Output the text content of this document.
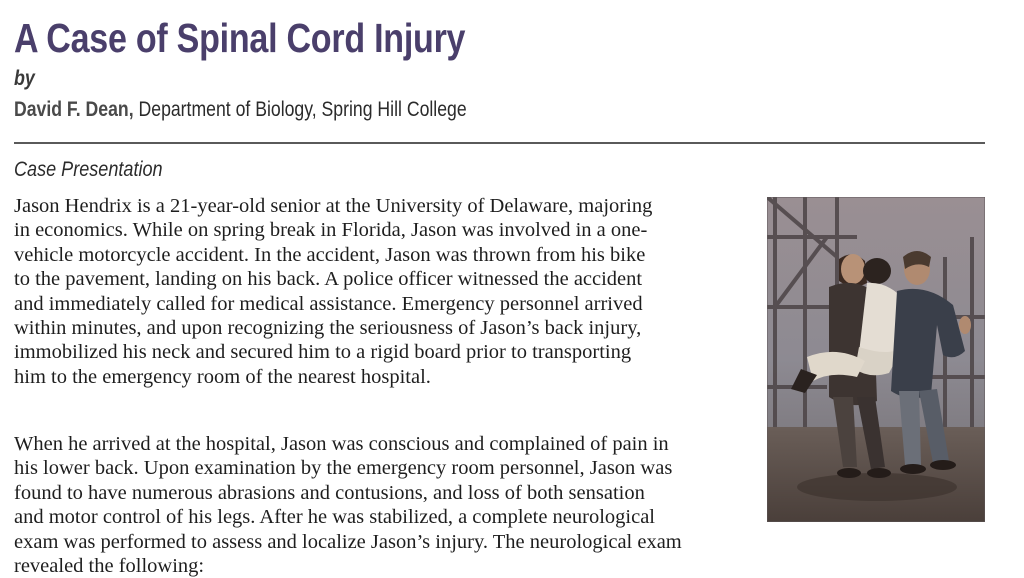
A Case of Spinal Cord Injury
by
David F. Dean, Department of Biology, Spring Hill College
Case Presentation

Jason Hendrix is a 21-year-old senior at the University of Delaware, majoring
in economics. While on spring break in Florida, Jason was involved in a one-
vehicle motorcycle accident. In the accident, Jason was thrown from his bike
to the pavement, landing on his back. A police officer witnessed the accident
and immediately called for medical assistance. Emergency personnel arrived
within minutes, and upon recognizing the seriousness of Jason’s back injury,
immobilized his neck and secured him to a rigid board prior to transporting
him to the emergency room of the nearest hospital.

When he arrived at the hospital, Jason was conscious and complained of pain in
his lower back. Upon examination by the emergency room personnel, Jason was
found to have numerous abrasions and contusions, and loss of both sensation
and motor control of his legs. After he was stabilized, a complete neurological
exam was performed to assess and localize Jason’s injury. The neurological exam
revealed the following:
